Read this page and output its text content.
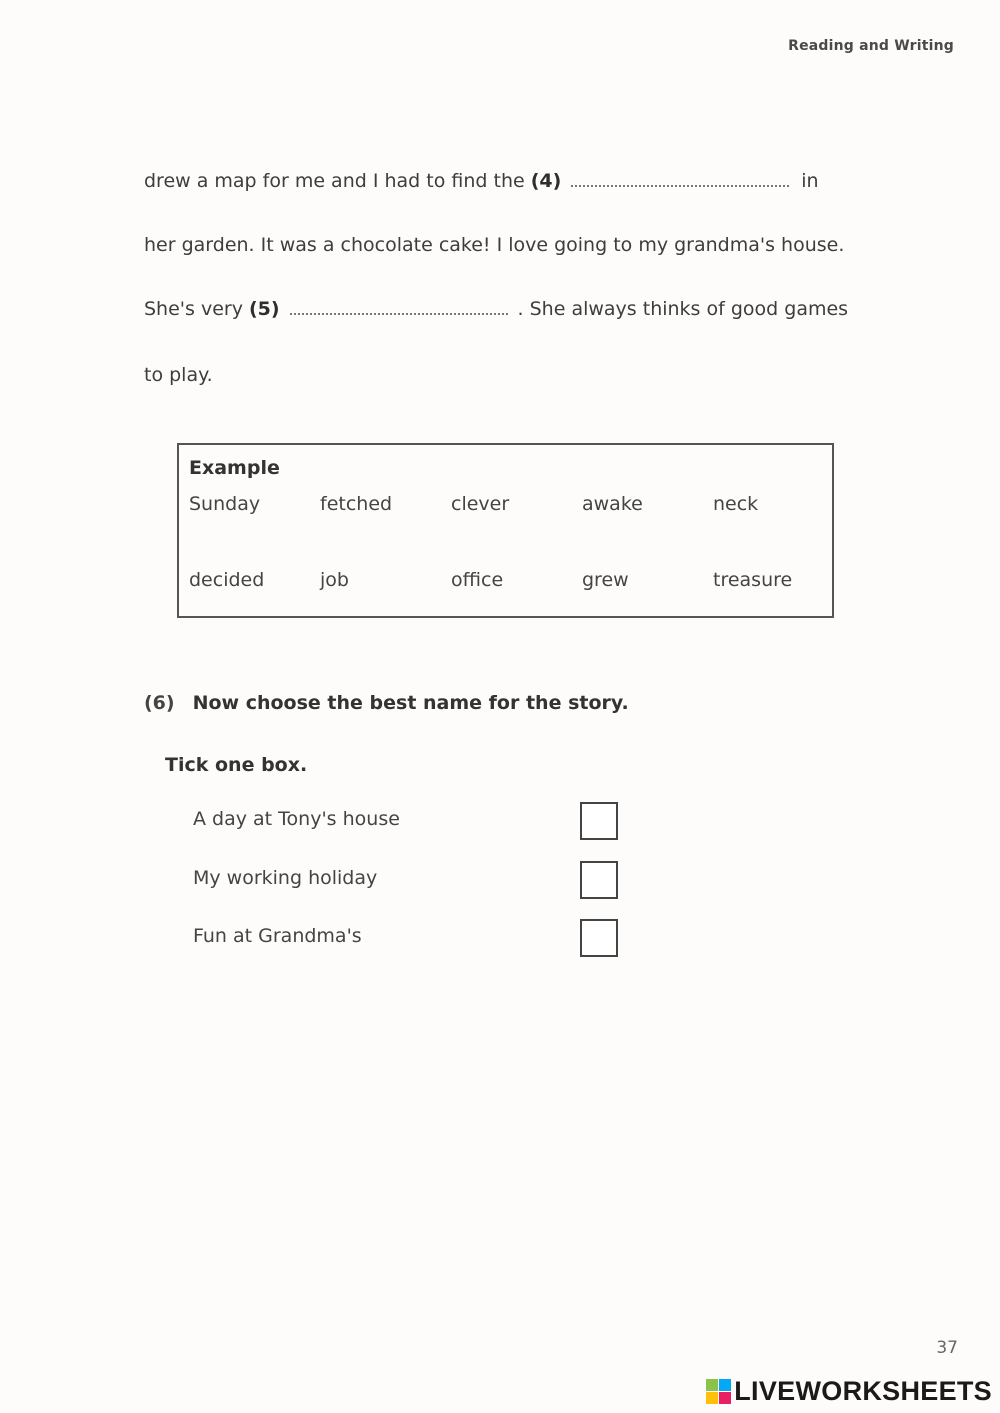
Reading and Writing
drew a map for me and I had to find the (4)	in
her garden. It was a chocolate cake! I love going to my grandma's house.
She's very (5)	. She always thinks of good games
to play.
Example
Sunday	fetched	clever	awake	neck
decided	job	office	grew	treasure
(6) Now choose the best name for the story.
Tick one box.
A day at Tony's house
My working holiday
Fun at Grandma's
37
LIVEWORKSHEETS
